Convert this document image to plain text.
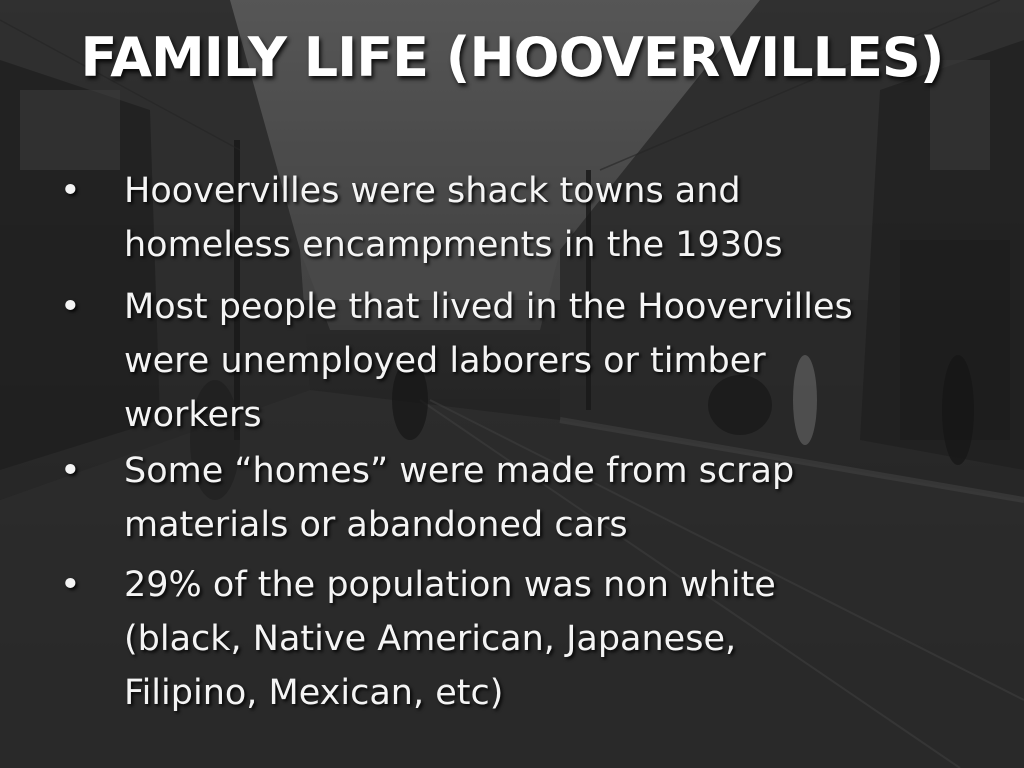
FAMILY LIFE (HOOVERVILLES)
• Hoovervilles were shack towns and
homeless encampments in the 1930s
• Most people that lived in the Hoovervilles
were unemployed laborers or timber
workers
• Some “homes” were made from scrap
materials or abandoned cars
• 29% of the population was non white
(black, Native American, Japanese,
Filipino, Mexican, etc)
